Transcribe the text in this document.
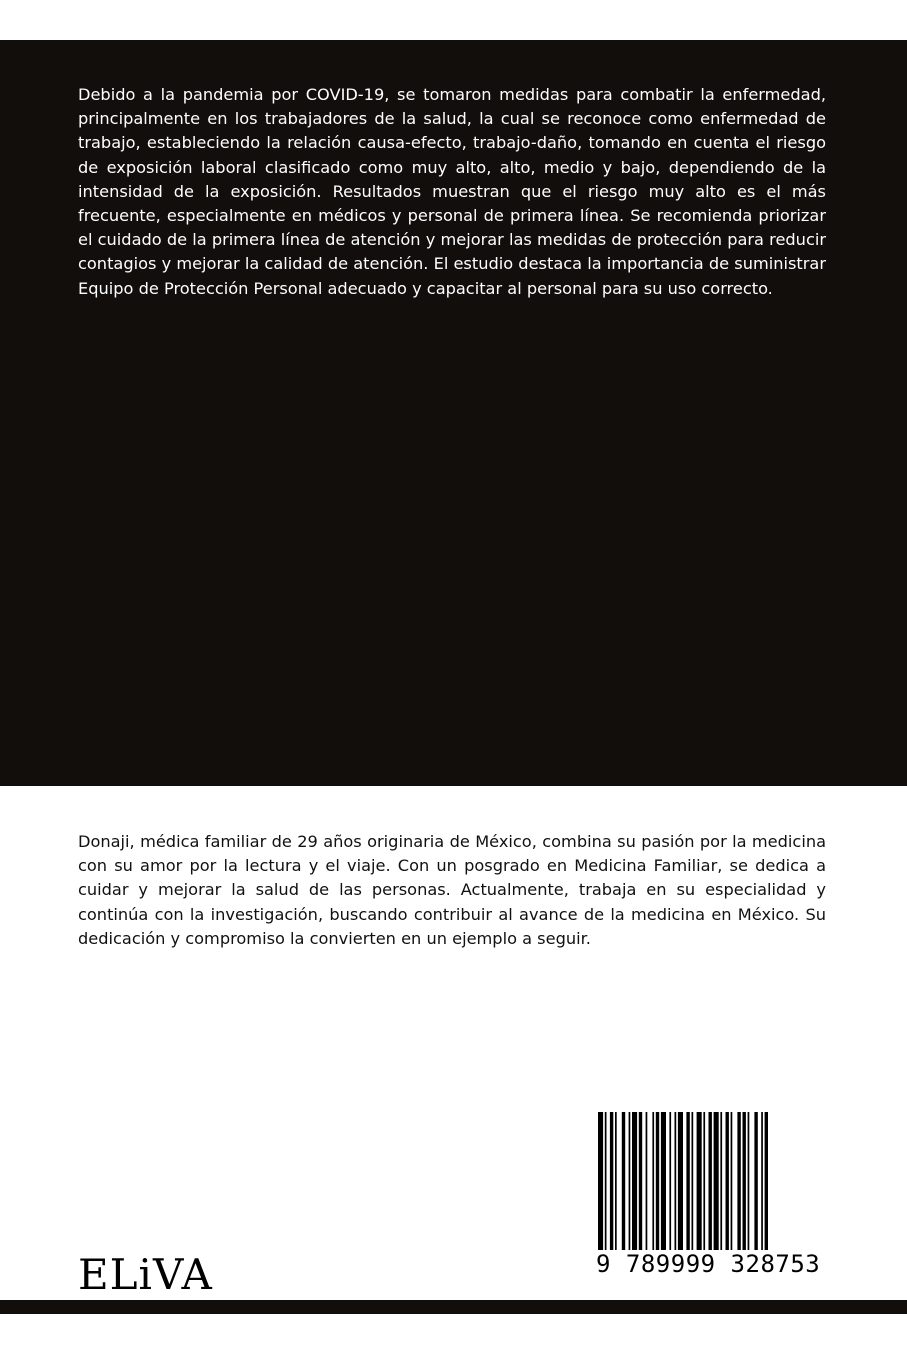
Debido a la pandemia por COVID-19, se tomaron medidas para combatir la enfermedad, principalmente en los trabajadores de la salud, la cual se reconoce como enfermedad de trabajo, estableciendo la relación causa-efecto, trabajo-daño, tomando en cuenta el riesgo de exposición laboral clasificado como muy alto, alto, medio y bajo, dependiendo de la intensidad de la exposición. Resultados muestran que el riesgo muy alto es el más frecuente, especialmente en médicos y personal de primera línea. Se recomienda priorizar el cuidado de la primera línea de atención y mejorar las medidas de protección para reducir contagios y mejorar la calidad de atención. El estudio destaca la importancia de suministrar Equipo de Protección Personal adecuado y capacitar al personal para su uso correcto.

Donaji, médica familiar de 29 años originaria de México, combina su pasión por la medicina con su amor por la lectura y el viaje. Con un posgrado en Medicina Familiar, se dedica a cuidar y mejorar la salud de las personas. Actualmente, trabaja en su especialidad y continúa con la investigación, buscando contribuir al avance de la medicina en México. Su dedicación y compromiso la convierten en un ejemplo a seguir.

9 789999 328753
ELiVA
